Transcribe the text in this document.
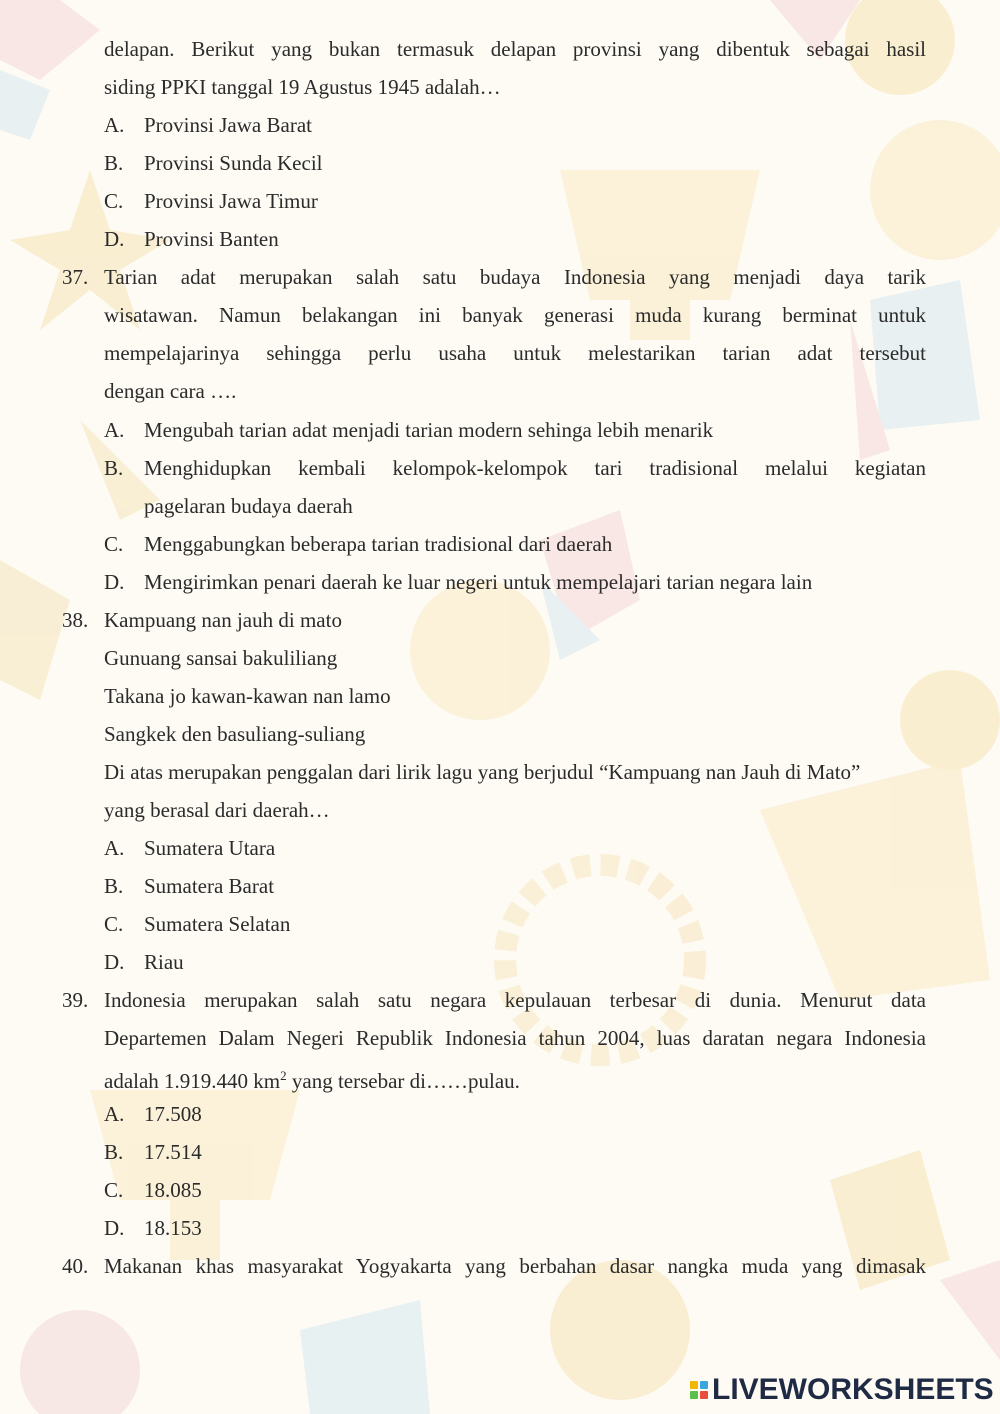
delapan. Berikut yang bukan termasuk delapan provinsi yang dibentuk sebagai hasil
siding PPKI tanggal 19 Agustus 1945 adalah…
A. Provinsi Jawa Barat
B. Provinsi Sunda Kecil
C. Provinsi Jawa Timur
D. Provinsi Banten
37. Tarian adat merupakan salah satu budaya Indonesia yang menjadi daya tarik
wisatawan. Namun belakangan ini banyak generasi muda kurang berminat untuk
mempelajarinya sehingga perlu usaha untuk melestarikan tarian adat tersebut
dengan cara ….
A. Mengubah tarian adat menjadi tarian modern sehinga lebih menarik
B. Menghidupkan kembali kelompok-kelompok tari tradisional melalui kegiatan
pagelaran budaya daerah
C. Menggabungkan beberapa tarian tradisional dari daerah
D. Mengirimkan penari daerah ke luar negeri untuk mempelajari tarian negara lain
38. Kampuang nan jauh di mato
Gunuang sansai bakuliliang
Takana jo kawan-kawan nan lamo
Sangkek den basuliang-suliang
Di atas merupakan penggalan dari lirik lagu yang berjudul “Kampuang nan Jauh di Mato”
yang berasal dari daerah…
A. Sumatera Utara
B. Sumatera Barat
C. Sumatera Selatan
D. Riau
39. Indonesia merupakan salah satu negara kepulauan terbesar di dunia. Menurut data
Departemen Dalam Negeri Republik Indonesia tahun 2004, luas daratan negara Indonesia
adalah 1.919.440 $km^2$ yang tersebar di……pulau.
A. 17.508
B. 17.514
C. 18.085
D. 18.153
40. Makanan khas masyarakat Yogyakarta yang berbahan dasar nangka muda yang dimasak
LIVEWORKSHEETS
